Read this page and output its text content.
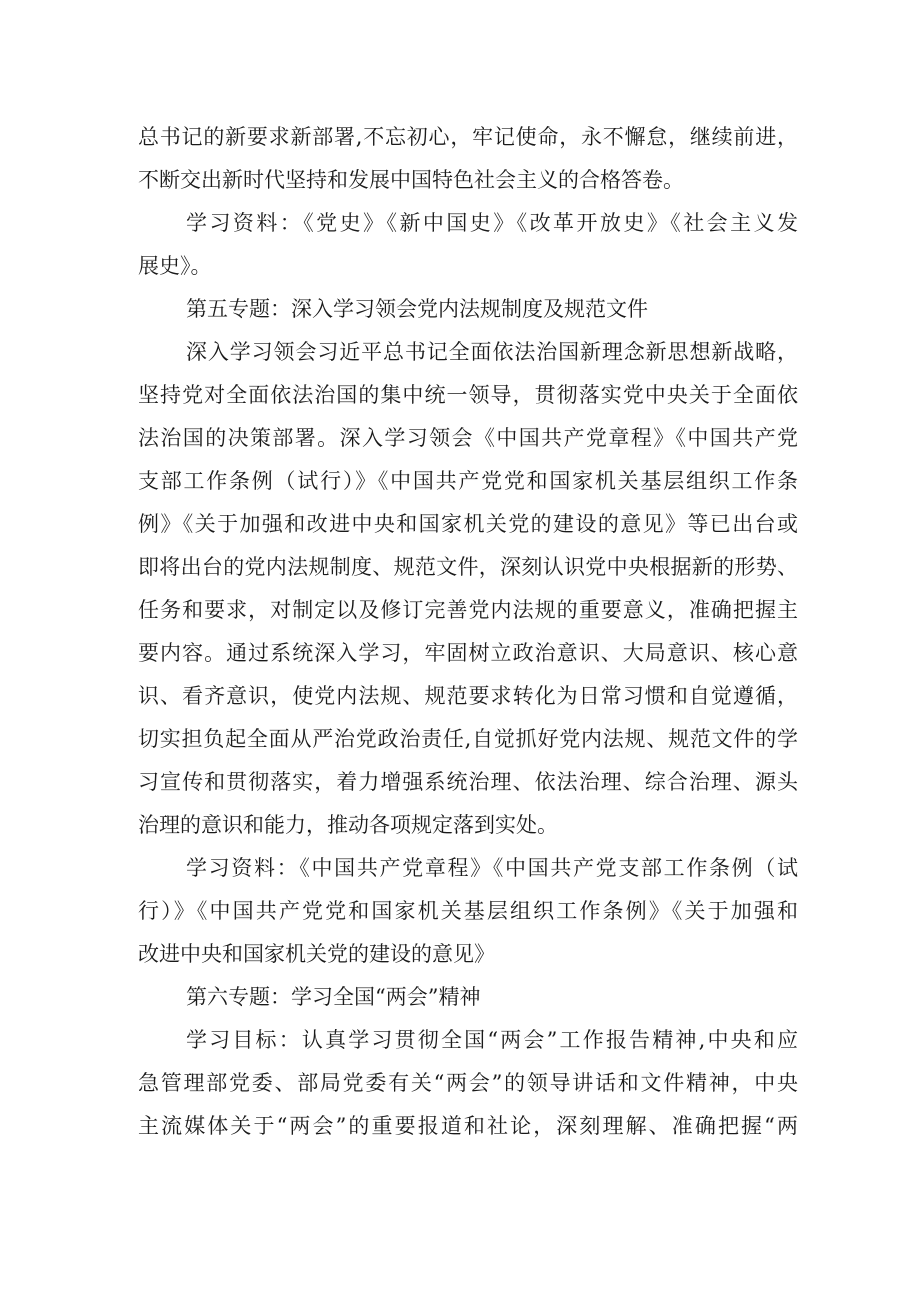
总书记的新要求新部署,不忘初心，牢记使命，永不懈怠，继续前进，
不断交出新时代坚持和发展中国特色社会主义的合格答卷。
学习资料：《党史》《新中国史》《改革开放史》《社会主义发
展史》。
第五专题：深入学习领会党内法规制度及规范文件
深入学习领会习近平总书记全面依法治国新理念新思想新战略，
坚持党对全面依法治国的集中统一领导，贯彻落实党中央关于全面依
法治国的决策部署。深入学习领会《中国共产党章程》《中国共产党
支部工作条例（试行）》《中国共产党党和国家机关基层组织工作条
例》《关于加强和改进中央和国家机关党的建设的意见》等已出台或
即将出台的党内法规制度、规范文件，深刻认识党中央根据新的形势、
任务和要求，对制定以及修订完善党内法规的重要意义，准确把握主
要内容。通过系统深入学习，牢固树立政治意识、大局意识、核心意
识、看齐意识，使党内法规、规范要求转化为日常习惯和自觉遵循，
切实担负起全面从严治党政治责任,自觉抓好党内法规、规范文件的学
习宣传和贯彻落实，着力增强系统治理、依法治理、综合治理、源头
治理的意识和能力，推动各项规定落到实处。
学习资料：《中国共产党章程》《中国共产党支部工作条例（试
行）》《中国共产党党和国家机关基层组织工作条例》《关于加强和
改进中央和国家机关党的建设的意见》
第六专题：学习全国“两会”精神
学习目标：认真学习贯彻全国“两会”工作报告精神,中央和应
急管理部党委、部局党委有关“两会”的领导讲话和文件精神，中央
主流媒体关于“两会”的重要报道和社论，深刻理解、准确把握“两
